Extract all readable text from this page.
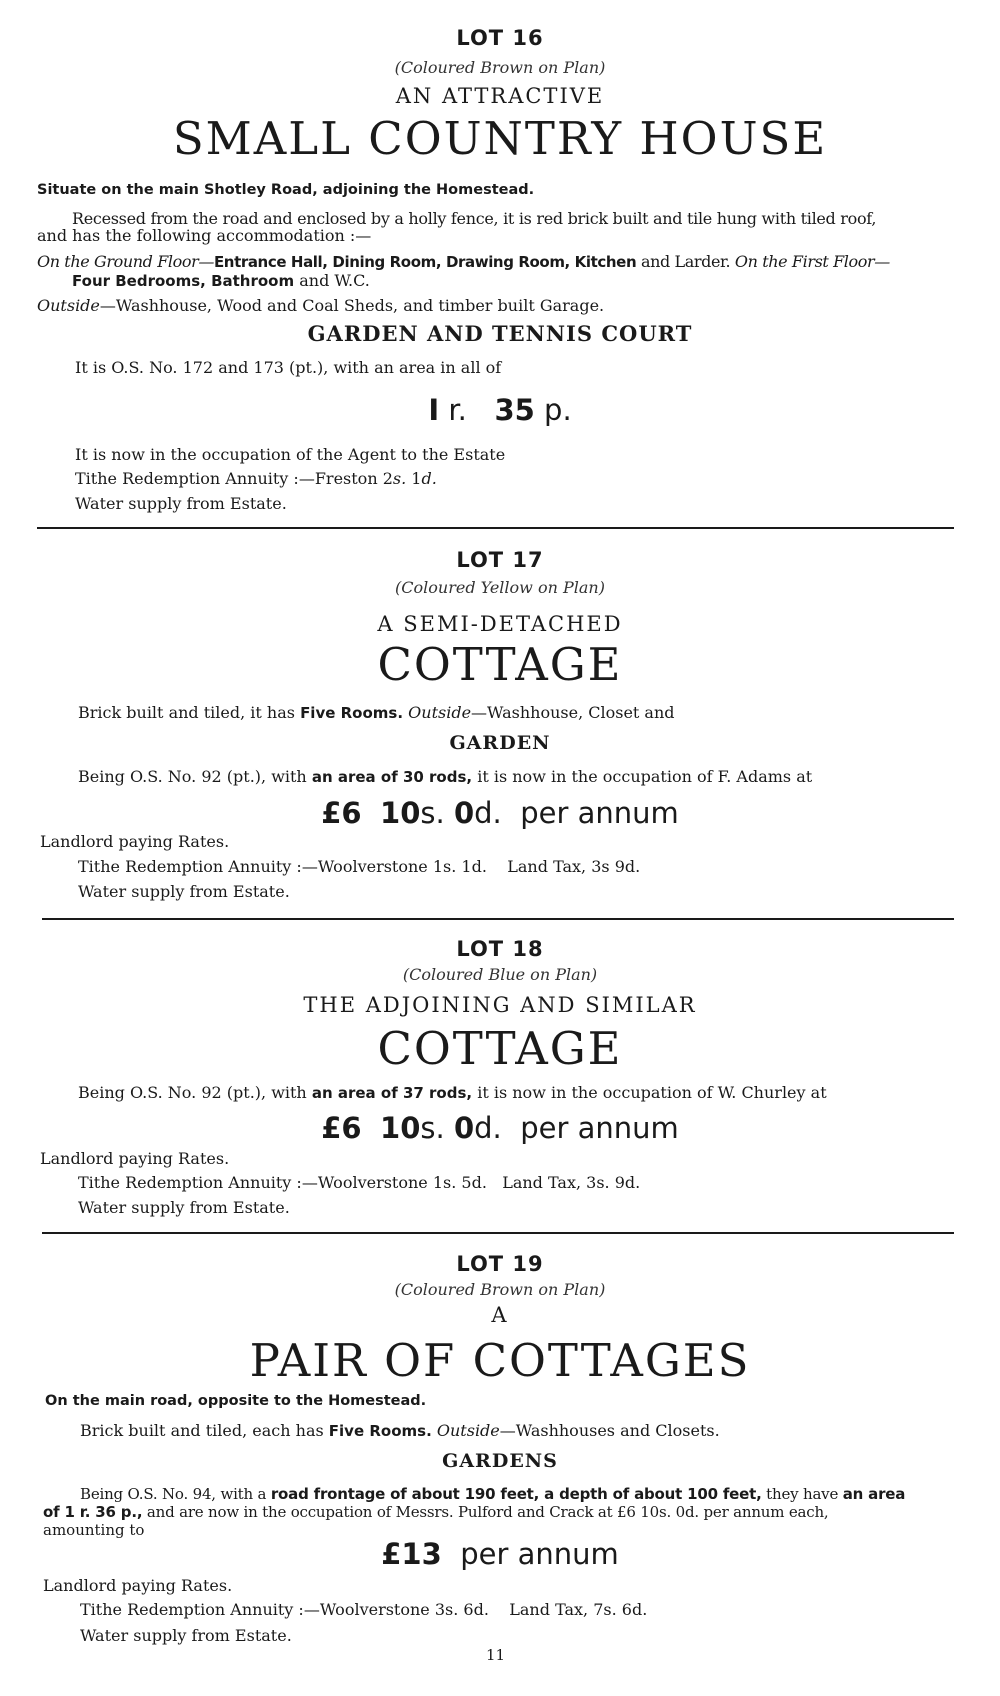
LOT 16
(Coloured Brown on Plan)
AN ATTRACTIVE
SMALL COUNTRY HOUSE
Situate on the main Shotley Road, adjoining the Homestead.
Recessed from the road and enclosed by a holly fence, it is red brick built and tile hung with tiled roof,
and has the following accommodation :—
On the Ground Floor—Entrance Hall, Dining Room, Drawing Room, Kitchen and Larder. On the First Floor—
Four Bedrooms, Bathroom and W.C.
Outside—Washhouse, Wood and Coal Sheds, and timber built Garage.
GARDEN AND TENNIS COURT
It is O.S. No. 172 and 173 (pt.), with an area in all of
I r. 35 p.
It is now in the occupation of the Agent to the Estate
Tithe Redemption Annuity :—Freston 2s. 1d.
Water supply from Estate.
LOT 17
(Coloured Yellow on Plan)
A SEMI-DETACHED
COTTAGE
Brick built and tiled, it has Five Rooms. Outside—Washhouse, Closet and
GARDEN
Being O.S. No. 92 (pt.), with an area of 30 rods, it is now in the occupation of F. Adams at
£6 10s. 0d. per annum
Landlord paying Rates.
Tithe Redemption Annuity :—Woolverstone 1s. 1d. Land Tax, 3s 9d.
Water supply from Estate.
LOT 18
(Coloured Blue on Plan)
THE ADJOINING AND SIMILAR
COTTAGE
Being O.S. No. 92 (pt.), with an area of 37 rods, it is now in the occupation of W. Churley at
£6 10s. 0d. per annum
Landlord paying Rates.
Tithe Redemption Annuity :—Woolverstone 1s. 5d. Land Tax, 3s. 9d.
Water supply from Estate.
LOT 19
(Coloured Brown on Plan)
A
PAIR OF COTTAGES
On the main road, opposite to the Homestead.
Brick built and tiled, each has Five Rooms. Outside—Washhouses and Closets.
GARDENS
Being O.S. No. 94, with a road frontage of about 190 feet, a depth of about 100 feet, they have an area
of 1 r. 36 p., and are now in the occupation of Messrs. Pulford and Crack at £6 10s. 0d. per annum each,
amounting to
£13 per annum
Landlord paying Rates.
Tithe Redemption Annuity :—Woolverstone 3s. 6d. Land Tax, 7s. 6d.
Water supply from Estate.
11
